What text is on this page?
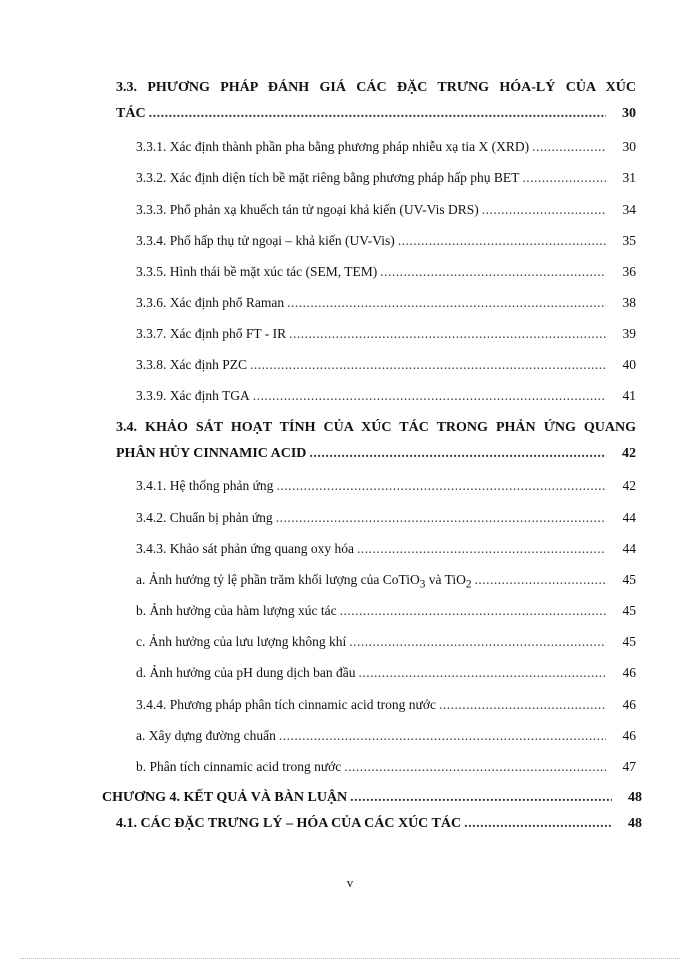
3.3. PHƯƠNG PHÁP ĐÁNH GIÁ CÁC ĐẶC TRƯNG HÓA-LÝ CỦA XÚC
TÁC .....	30
3.3.1. Xác định thành phần pha bằng phương pháp nhiễu xạ tia X (XRD) .....	30
3.3.2. Xác định diện tích bề mặt riêng bằng phương pháp hấp phụ BET .....	31
3.3.3. Phổ phản xạ khuếch tán tử ngoại khả kiến (UV-Vis DRS) .....	34
3.3.4. Phổ hấp thụ tử ngoại – khả kiến (UV-Vis) .....	35
3.3.5. Hình thái bề mặt xúc tác (SEM, TEM) .....	36
3.3.6. Xác định phổ Raman .....	38
3.3.7. Xác định phổ FT - IR .....	39
3.3.8. Xác định PZC .....	40
3.3.9. Xác định TGA .....	41
3.4. KHẢO SÁT HOẠT TÍNH CỦA XÚC TÁC TRONG PHẢN ỨNG QUANG
PHÂN HỦY CINNAMIC ACID .....	42
3.4.1. Hệ thống phản ứng .....	42
3.4.2. Chuẩn bị phản ứng .....	44
3.4.3. Khảo sát phản ứng quang oxy hóa .....	44
a. Ảnh hưởng tỷ lệ phần trăm khối lượng của CoTiO$_3$ và TiO$_2$ .....	45
b. Ảnh hưởng của hàm lượng xúc tác .....	45
c. Ảnh hưởng của lưu lượng không khí .....	45
d. Ảnh hưởng của pH dung dịch ban đầu .....	46
3.4.4. Phương pháp phân tích cinnamic acid trong nước .....	46
a. Xây dựng đường chuẩn .....	46
b. Phân tích cinnamic acid trong nước .....	47
CHƯƠNG 4. KẾT QUẢ VÀ BÀN LUẬN .....	48
4.1. CÁC ĐẶC TRƯNG LÝ – HÓA CỦA CÁC XÚC TÁC .....	48
v
